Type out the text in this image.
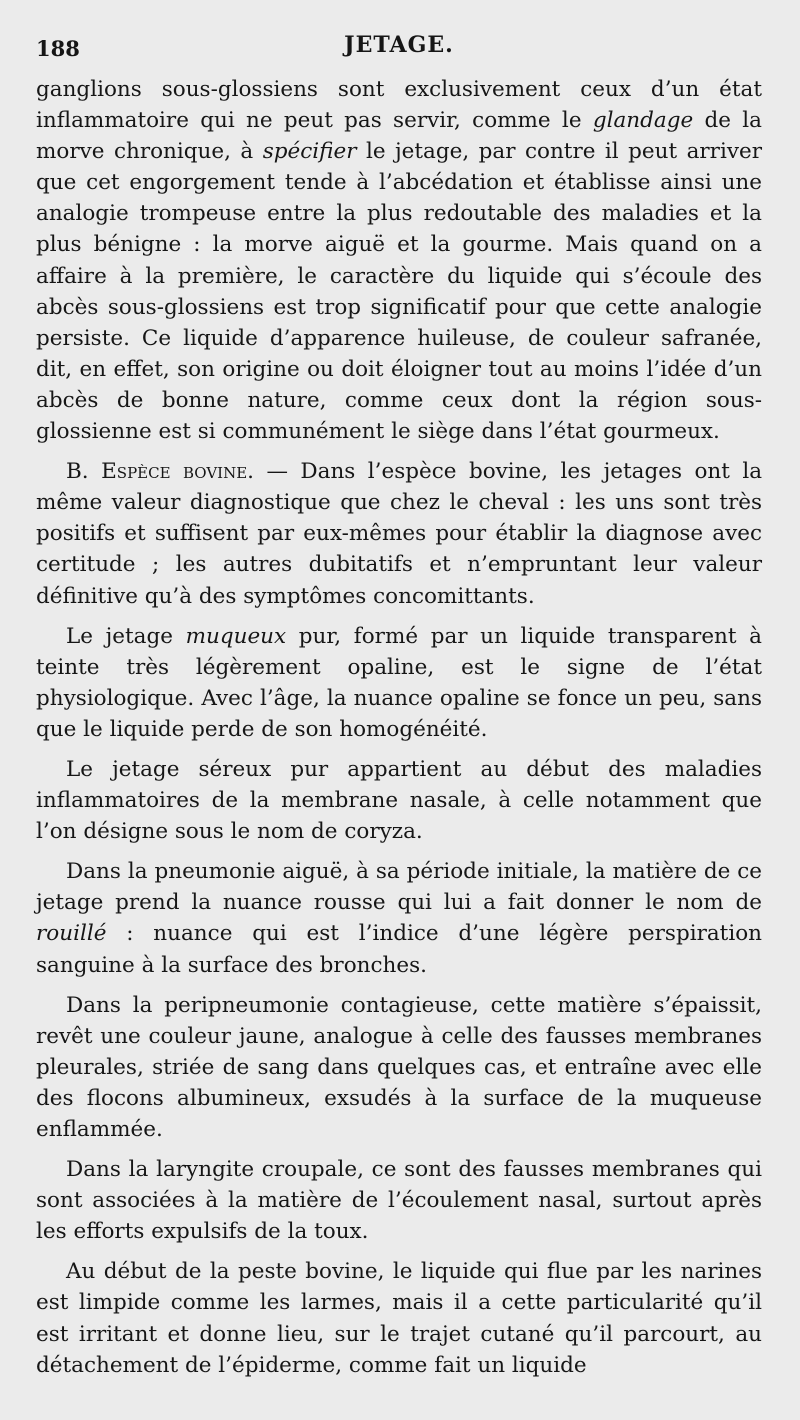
188	JETAGE.

ganglions sous-glossiens sont exclusivement ceux d’un état inflammatoire qui ne peut pas servir, comme le glandage de la morve chronique, à spécifier le jetage, par contre il peut arriver que cet engorgement tende à l’abcédation et établisse ainsi une analogie trompeuse entre la plus redoutable des maladies et la plus bénigne : la morve aiguë et la gourme. Mais quand on a affaire à la première, le caractère du liquide qui s’écoule des abcès sous-glossiens est trop significatif pour que cette analogie persiste. Ce liquide d’apparence huileuse, de couleur safranée, dit, en effet, son origine ou doit éloigner tout au moins l’idée d’un abcès de bonne nature, comme ceux dont la région sous-glossienne est si communément le siège dans l’état gourmeux.

B. Espèce bovine. — Dans l’espèce bovine, les jetages ont la même valeur diagnostique que chez le cheval : les uns sont très positifs et suffisent par eux-mêmes pour établir la diagnose avec certitude ; les autres dubitatifs et n’empruntant leur valeur définitive qu’à des symptômes concomittants.

Le jetage muqueux pur, formé par un liquide transparent à teinte très légèrement opaline, est le signe de l’état physiologique. Avec l’âge, la nuance opaline se fonce un peu, sans que le liquide perde de son homogénéité.

Le jetage séreux pur appartient au début des maladies inflammatoires de la membrane nasale, à celle notamment que l’on désigne sous le nom de coryza.

Dans la pneumonie aiguë, à sa période initiale, la matière de ce jetage prend la nuance rousse qui lui a fait donner le nom de rouillé : nuance qui est l’indice d’une légère perspiration sanguine à la surface des bronches.

Dans la peripneumonie contagieuse, cette matière s’épaissit, revêt une couleur jaune, analogue à celle des fausses membranes pleurales, striée de sang dans quelques cas, et entraîne avec elle des flocons albumineux, exsudés à la surface de la muqueuse enflammée.

Dans la laryngite croupale, ce sont des fausses membranes qui sont associées à la matière de l’écoulement nasal, surtout après les efforts expulsifs de la toux.

Au début de la peste bovine, le liquide qui flue par les narines est limpide comme les larmes, mais il a cette particularité qu’il est irritant et donne lieu, sur le trajet cutané qu’il parcourt, au détachement de l’épiderme, comme fait un liquide
